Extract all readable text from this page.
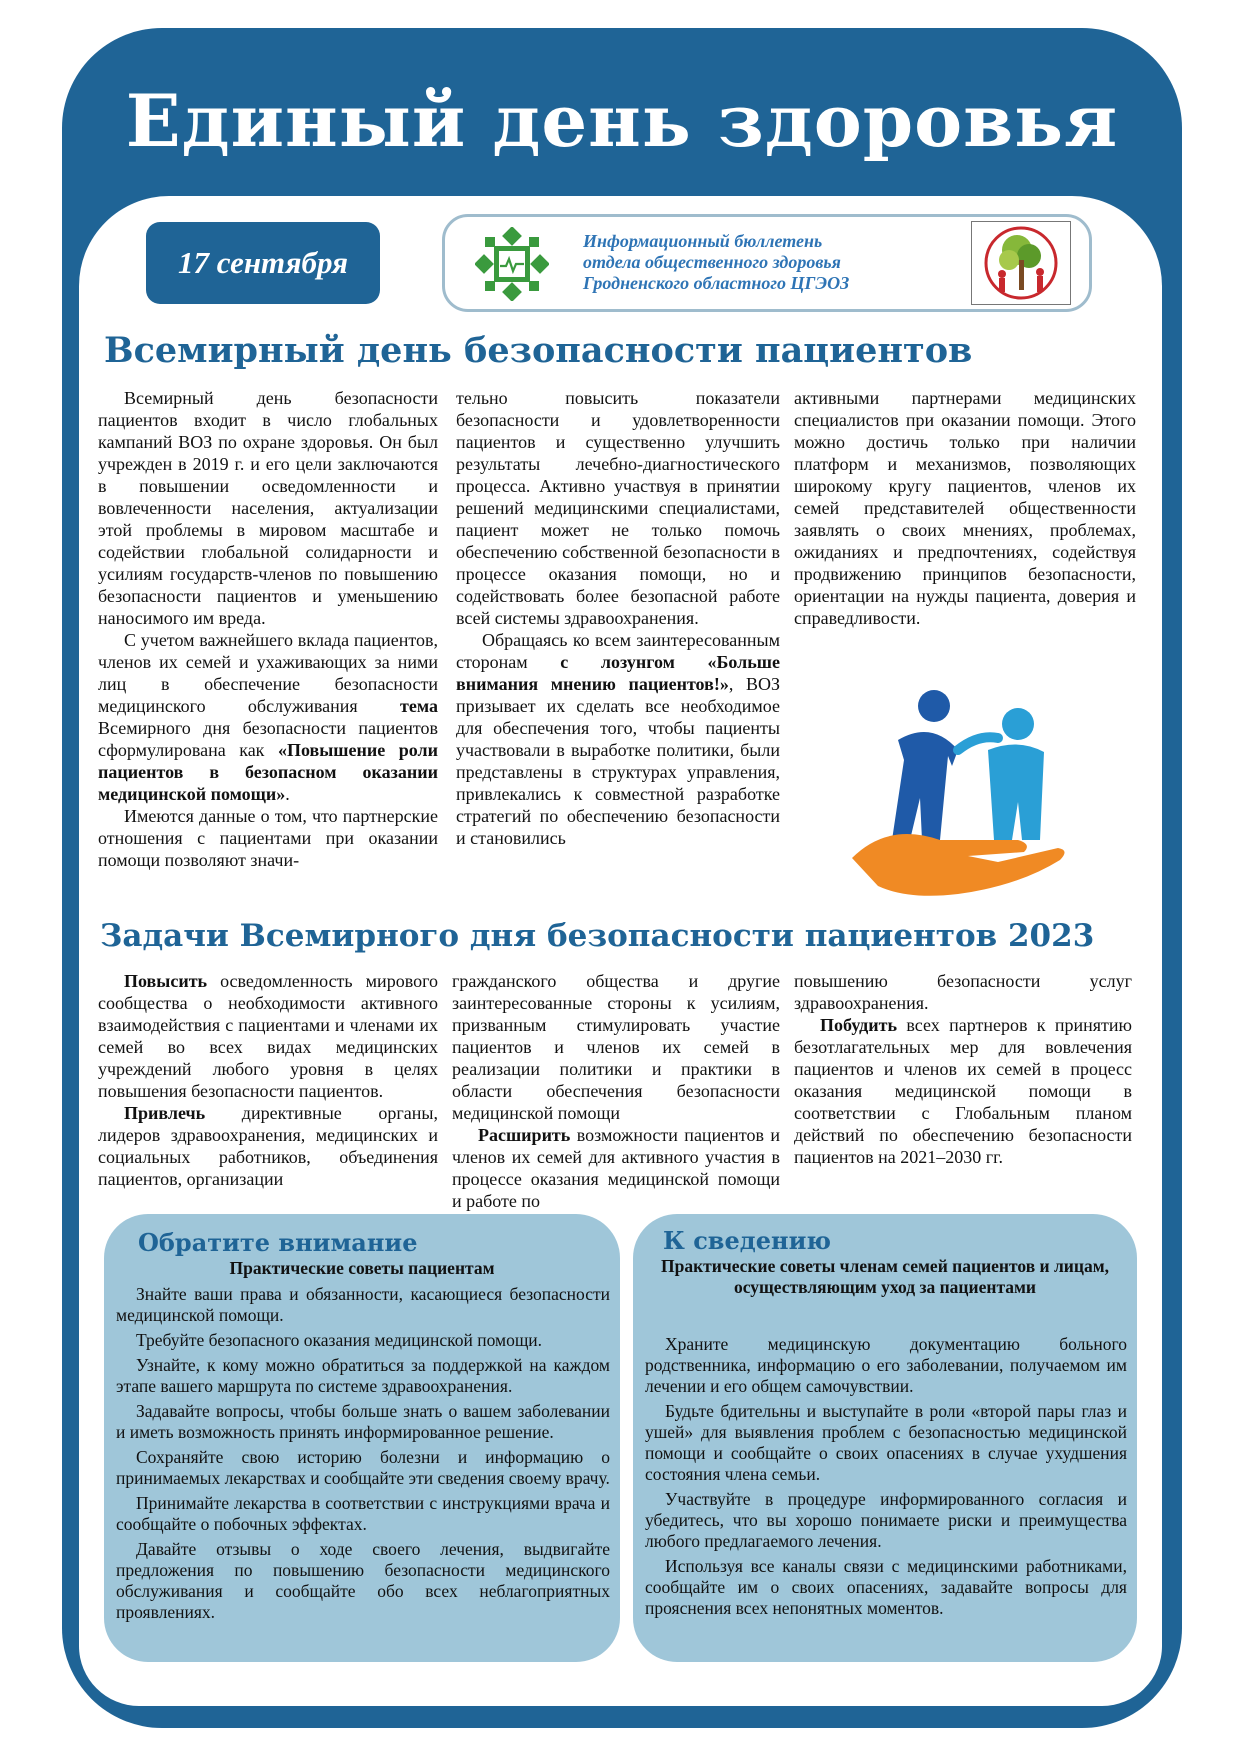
Единый день здоровья
17 сентября
Информационный бюллетень
отдела общественного здоровья
Гродненского областного ЦГЭОЗ
Всемирный день безопасности пациентов

Всемирный день безопасности пациентов входит в число глобальных кампаний ВОЗ по охране здоровья. Он был учрежден в 2019 г. и его цели заключаются в повышении осведомленности и вовлеченности населения, актуализации этой проблемы в мировом масштабе и содействии глобальной солидарности и усилиям государств-членов по повышению безопасности пациентов и уменьшению наносимого им вреда.

С учетом важнейшего вклада пациентов, членов их семей и ухаживающих за ними лиц в обеспечение безопасности медицинского обслуживания тема Всемирного дня безопасности пациентов сформулирована как «Повышение роли пациентов в безопасном оказании медицинской помощи».

Имеются данные о том, что партнерские отношения с пациентами при оказании помощи позволяют значи-

тельно повысить показатели безопасности и удовлетворенности пациентов и существенно улучшить результаты лечебно-диагностического процесса. Активно участвуя в принятии решений медицинскими специалистами, пациент может не только помочь обеспечению собственной безопасности в процессе оказания помощи, но и содействовать более безопасной работе всей системы здравоохранения.

Обращаясь ко всем заинтересованным сторонам с лозунгом «Больше внимания мнению пациентов!», ВОЗ призывает их сделать все необходимое для обеспечения того, чтобы пациенты участвовали в выработке политики, были представлены в структурах управления, привлекались к совместной разработке стратегий по обеспечению безопасности и становились

активными партнерами медицинских специалистов при оказании помощи. Этого можно достичь только при наличии платформ и механизмов, позволяющих широкому кругу пациентов, членов их семей представителей общественности заявлять о своих мнениях, проблемах, ожиданиях и предпочтениях, содействуя продвижению принципов безопасности, ориентации на нужды пациента, доверия и справедливости.

Задачи Всемирного дня безопасности пациентов 2023

Повысить осведомленность мирового сообщества о необходимости активного взаимодействия с пациентами и членами их семей во всех видах медицинских учреждений любого уровня в целях повышения безопасности пациентов.

Привлечь директивные органы, лидеров здравоохранения, медицинских и социальных работников, объединения пациентов, организации

гражданского общества и другие заинтересованные стороны к усилиям, призванным стимулировать участие пациентов и членов их семей в реализации политики и практики в области обеспечения безопасности медицинской помощи

Расширить возможности пациентов и членов их семей для активного участия в процессе оказания медицинской помощи и работе по

повышению безопасности услуг здравоохранения.

Побудить всех партнеров к принятию безотлагательных мер для вовлечения пациентов и членов их семей в процесс оказания медицинской помощи в соответствии с Глобальным планом действий по обеспечению безопасности пациентов на 2021–2030 гг.

Обратите внимание
Практические советы пациентам

Знайте ваши права и обязанности, касающиеся безопасности медицинской помощи.

Требуйте безопасного оказания медицинской помощи.

Узнайте, к кому можно обратиться за поддержкой на каждом этапе вашего маршрута по системе здравоохранения.

Задавайте вопросы, чтобы больше знать о вашем заболевании и иметь возможность принять информированное решение.

Сохраняйте свою историю болезни и информацию о принимаемых лекарствах и сообщайте эти сведения своему врачу.

Принимайте лекарства в соответствии с инструкциями врача и сообщайте о побочных эффектах.

Давайте отзывы о ходе своего лечения, выдвигайте предложения по повышению безопасности медицинского обслуживания и сообщайте обо всех неблагоприятных проявлениях.

К сведению
Практические советы членам семей пациентов и лицам, осуществляющим уход за пациентами

Храните медицинскую документацию больного родственника, информацию о его заболевании, получаемом им лечении и его общем самочувствии.

Будьте бдительны и выступайте в роли «второй пары глаз и ушей» для выявления проблем с безопасностью медицинской помощи и сообщайте о своих опасениях в случае ухудшения состояния члена семьи.

Участвуйте в процедуре информированного согласия и убедитесь, что вы хорошо понимаете риски и преимущества любого предлагаемого лечения.

Используя все каналы связи с медицинскими работниками, сообщайте им о своих опасениях, задавайте вопросы для прояснения всех непонятных моментов.
